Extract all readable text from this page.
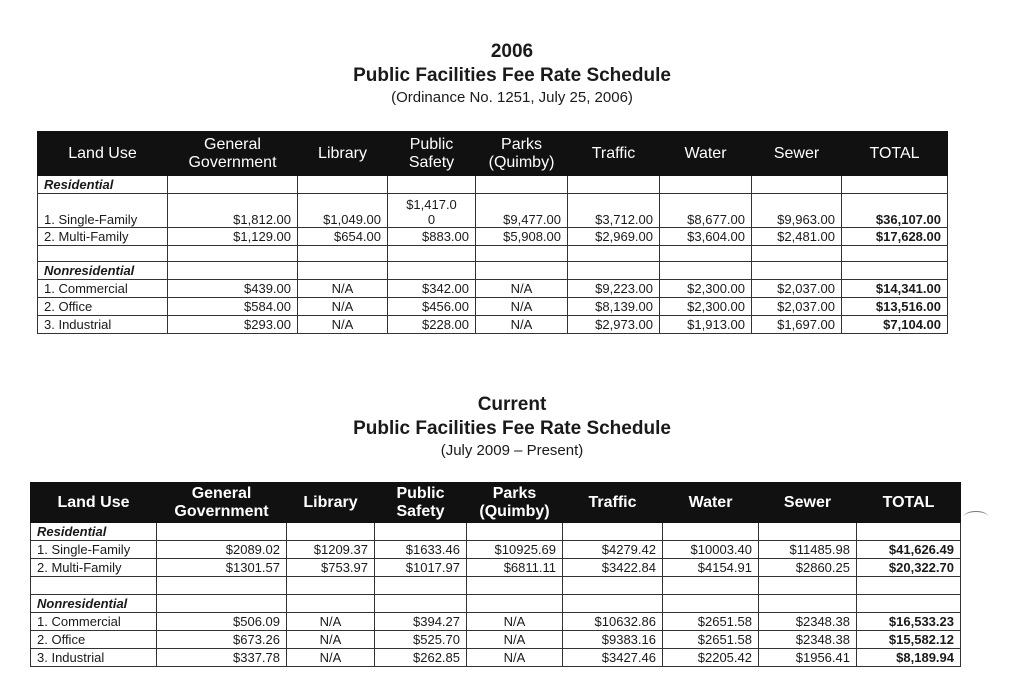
2006
Public Facilities Fee Rate Schedule
(Ordinance No. 1251, July 25, 2006)
Land Use	General Government	Library	Public Safety	Parks (Quimby)	Traffic	Water	Sewer	TOTAL
Residential								
1. Single-Family	$1,812.00	$1,049.00	$1,417.0 0	$9,477.00	$3,712.00	$8,677.00	$9,963.00	$36,107.00
2. Multi-Family	$1,129.00	$654.00	$883.00	$5,908.00	$2,969.00	$3,604.00	$2,481.00	$17,628.00

Nonresidential								
1. Commercial	$439.00	N/A	$342.00	N/A	$9,223.00	$2,300.00	$2,037.00	$14,341.00
2. Office	$584.00	N/A	$456.00	N/A	$8,139.00	$2,300.00	$2,037.00	$13,516.00
3. Industrial	$293.00	N/A	$228.00	N/A	$2,973.00	$1,913.00	$1,697.00	$7,104.00
Current
Public Facilities Fee Rate Schedule
(July 2009 – Present)
Land Use	General Government	Library	Public Safety	Parks (Quimby)	Traffic	Water	Sewer	TOTAL
Residential								
1. Single-Family	$2089.02	$1209.37	$1633.46	$10925.69	$4279.42	$10003.40	$11485.98	$41,626.49
2. Multi-Family	$1301.57	$753.97	$1017.97	$6811.11	$3422.84	$4154.91	$2860.25	$20,322.70

Nonresidential								
1. Commercial	$506.09	N/A	$394.27	N/A	$10632.86	$2651.58	$2348.38	$16,533.23
2. Office	$673.26	N/A	$525.70	N/A	$9383.16	$2651.58	$2348.38	$15,582.12
3. Industrial	$337.78	N/A	$262.85	N/A	$3427.46	$2205.42	$1956.41	$8,189.94
